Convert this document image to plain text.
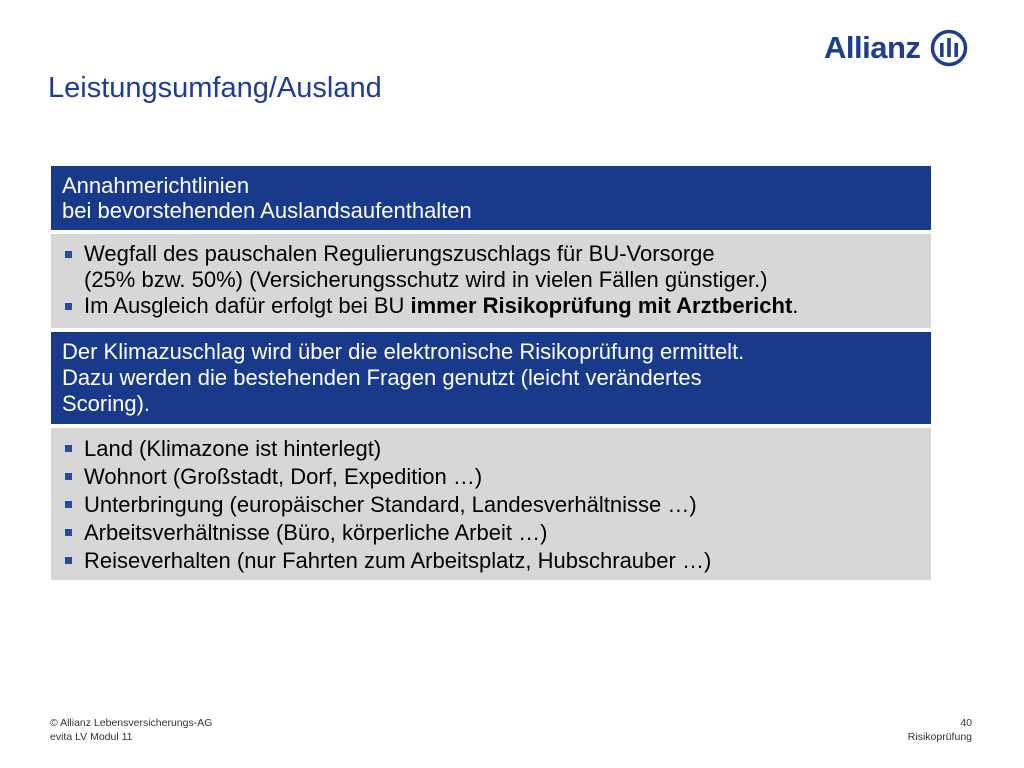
Allianz
Leistungsumfang/Ausland
Annahmerichtlinien
bei bevorstehenden Auslandsaufenthalten
Wegfall des pauschalen Regulierungszuschlags für BU-Vorsorge
(25% bzw. 50%) (Versicherungsschutz wird in vielen Fällen günstiger.)
Im Ausgleich dafür erfolgt bei BU immer Risikoprüfung mit Arztbericht.
Der Klimazuschlag wird über die elektronische Risikoprüfung ermittelt.
Dazu werden die bestehenden Fragen genutzt (leicht verändertes
Scoring).
Land (Klimazone ist hinterlegt)
Wohnort (Großstadt, Dorf, Expedition …)
Unterbringung (europäischer Standard, Landesverhältnisse …)
Arbeitsverhältnisse (Büro, körperliche Arbeit …)
Reiseverhalten (nur Fahrten zum Arbeitsplatz, Hubschrauber …)
© Allianz Lebensversicherungs-AG
evita LV Modul 11
40
Risikoprüfung
